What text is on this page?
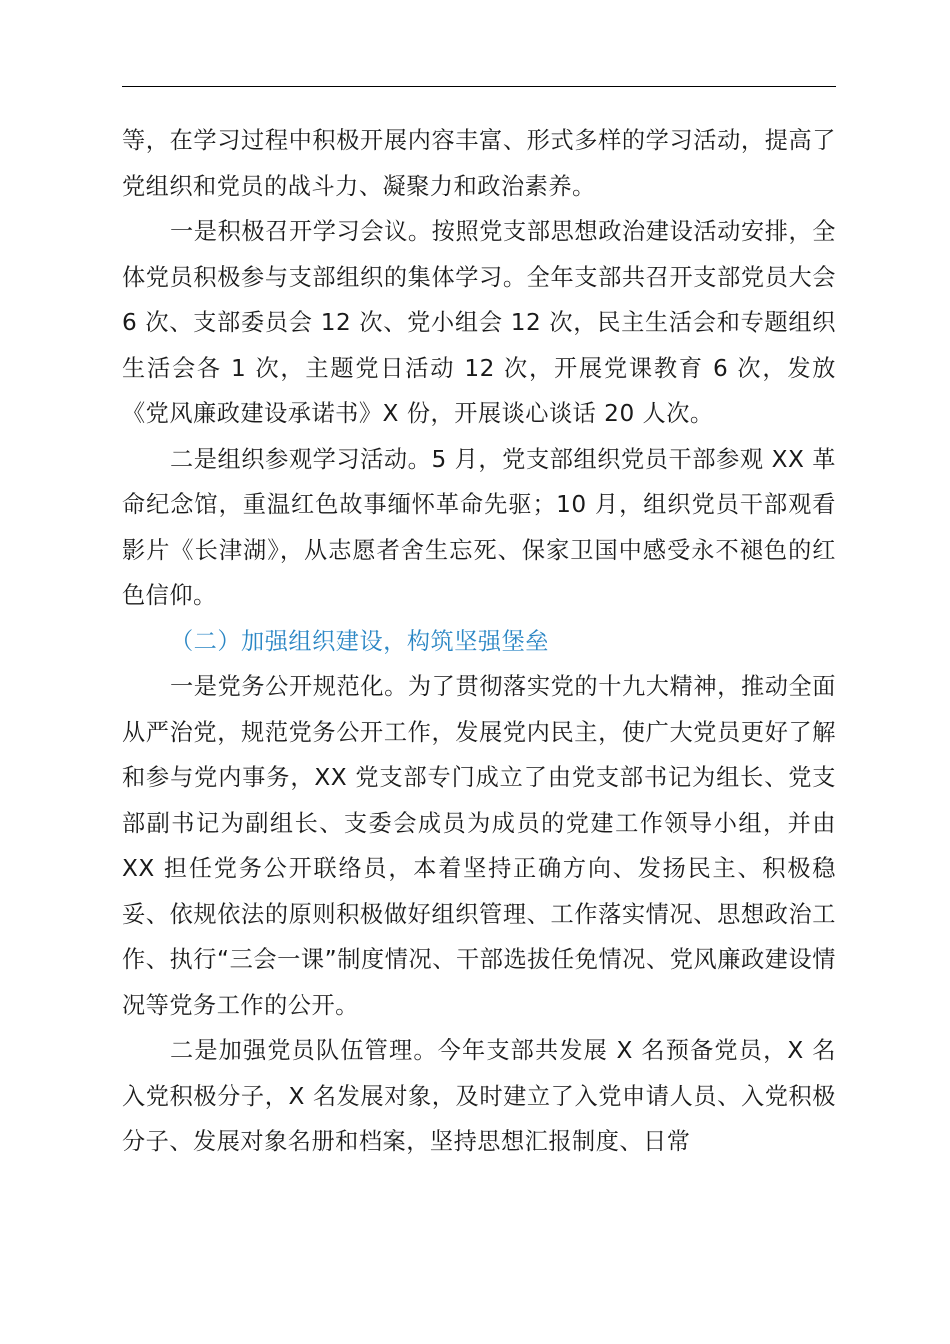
等，在学习过程中积极开展内容丰富、形式多样的学习活动，提高了党组织和党员的战斗力、凝聚力和政治素养。

一是积极召开学习会议。按照党支部思想政治建设活动安排，全体党员积极参与支部组织的集体学习。全年支部共召开支部党员大会 6 次、支部委员会 12 次、党小组会 12 次，民主生活会和专题组织生活会各 1 次，主题党日活动 12 次，开展党课教育 6 次，发放《党风廉政建设承诺书》X 份，开展谈心谈话 20 人次。

二是组织参观学习活动。5 月，党支部组织党员干部参观 XX 革命纪念馆，重温红色故事缅怀革命先驱；10 月，组织党员干部观看影片《长津湖》，从志愿者舍生忘死、保家卫国中感受永不褪色的红色信仰。

（二）加强组织建设，构筑坚强堡垒

一是党务公开规范化。为了贯彻落实党的十九大精神，推动全面从严治党，规范党务公开工作，发展党内民主，使广大党员更好了解和参与党内事务，XX 党支部专门成立了由党支部书记为组长、党支部副书记为副组长、支委会成员为成员的党建工作领导小组，并由 XX 担任党务公开联络员，本着坚持正确方向、发扬民主、积极稳妥、依规依法的原则积极做好组织管理、工作落实情况、思想政治工作、执行“三会一课”制度情况、干部选拔任免情况、党风廉政建设情况等党务工作的公开。

二是加强党员队伍管理。今年支部共发展 X 名预备党员，X 名入党积极分子，X 名发展对象，及时建立了入党申请人员、入党积极分子、发展对象名册和档案，坚持思想汇报制度、日常
